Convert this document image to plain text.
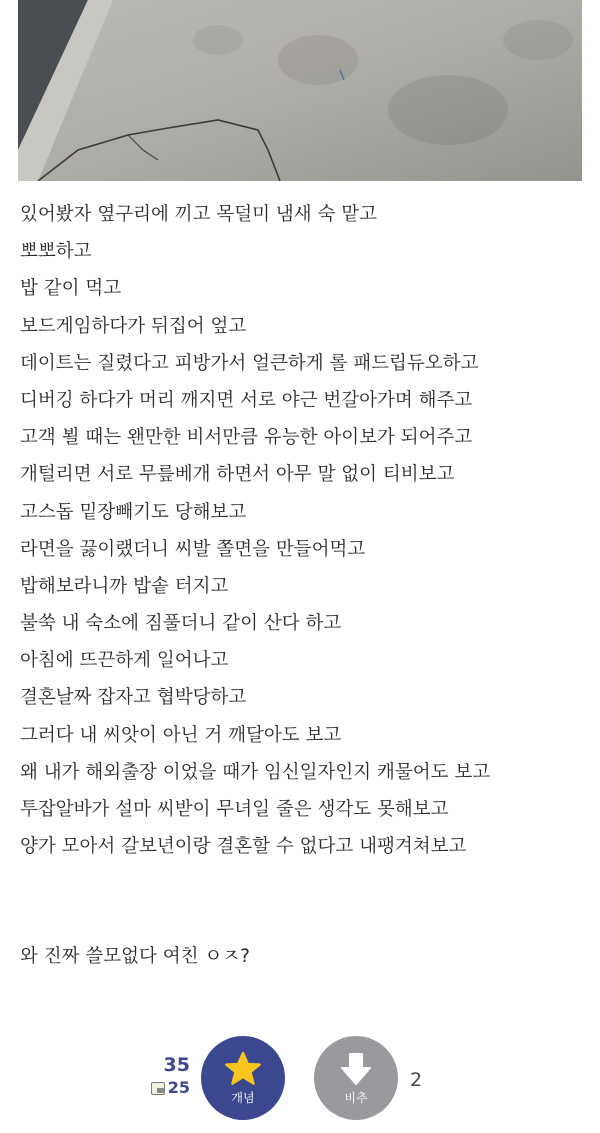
있어봤자 옆구리에 끼고 목덜미 냄새 숙 맡고
뽀뽀하고
밥 같이 먹고
보드게임하다가 뒤집어 엎고
데이트는 질렸다고 피방가서 얼큰하게 롤 패드립듀오하고
디버깅 하다가 머리 깨지면 서로 야근 번갈아가며 해주고
고객 뵐 때는 왠만한 비서만큼 유능한 아이보가 되어주고
개털리면 서로 무릎베개 하면서 아무 말 없이 티비보고
고스돕 밑장빼기도 당해보고
라면을 끓이랬더니 씨발 쫄면을 만들어먹고
밥해보라니까 밥솥 터지고
불쑥 내 숙소에 짐풀더니 같이 산다 하고
아침에 뜨끈하게 일어나고
결혼날짜 잡자고 협박당하고
그러다 내 씨앗이 아닌 거 깨달아도 보고
왜 내가 해외출장 이었을 때가 임신일자인지 캐물어도 보고
투잡알바가 설마 씨받이 무녀일 줄은 생각도 못해보고
양가 모아서 갈보년이랑 결혼할 수 없다고 내팽겨쳐보고
와 진짜 쓸모없다 여친 ㅇㅈ?
35
25
개념	비추
2
